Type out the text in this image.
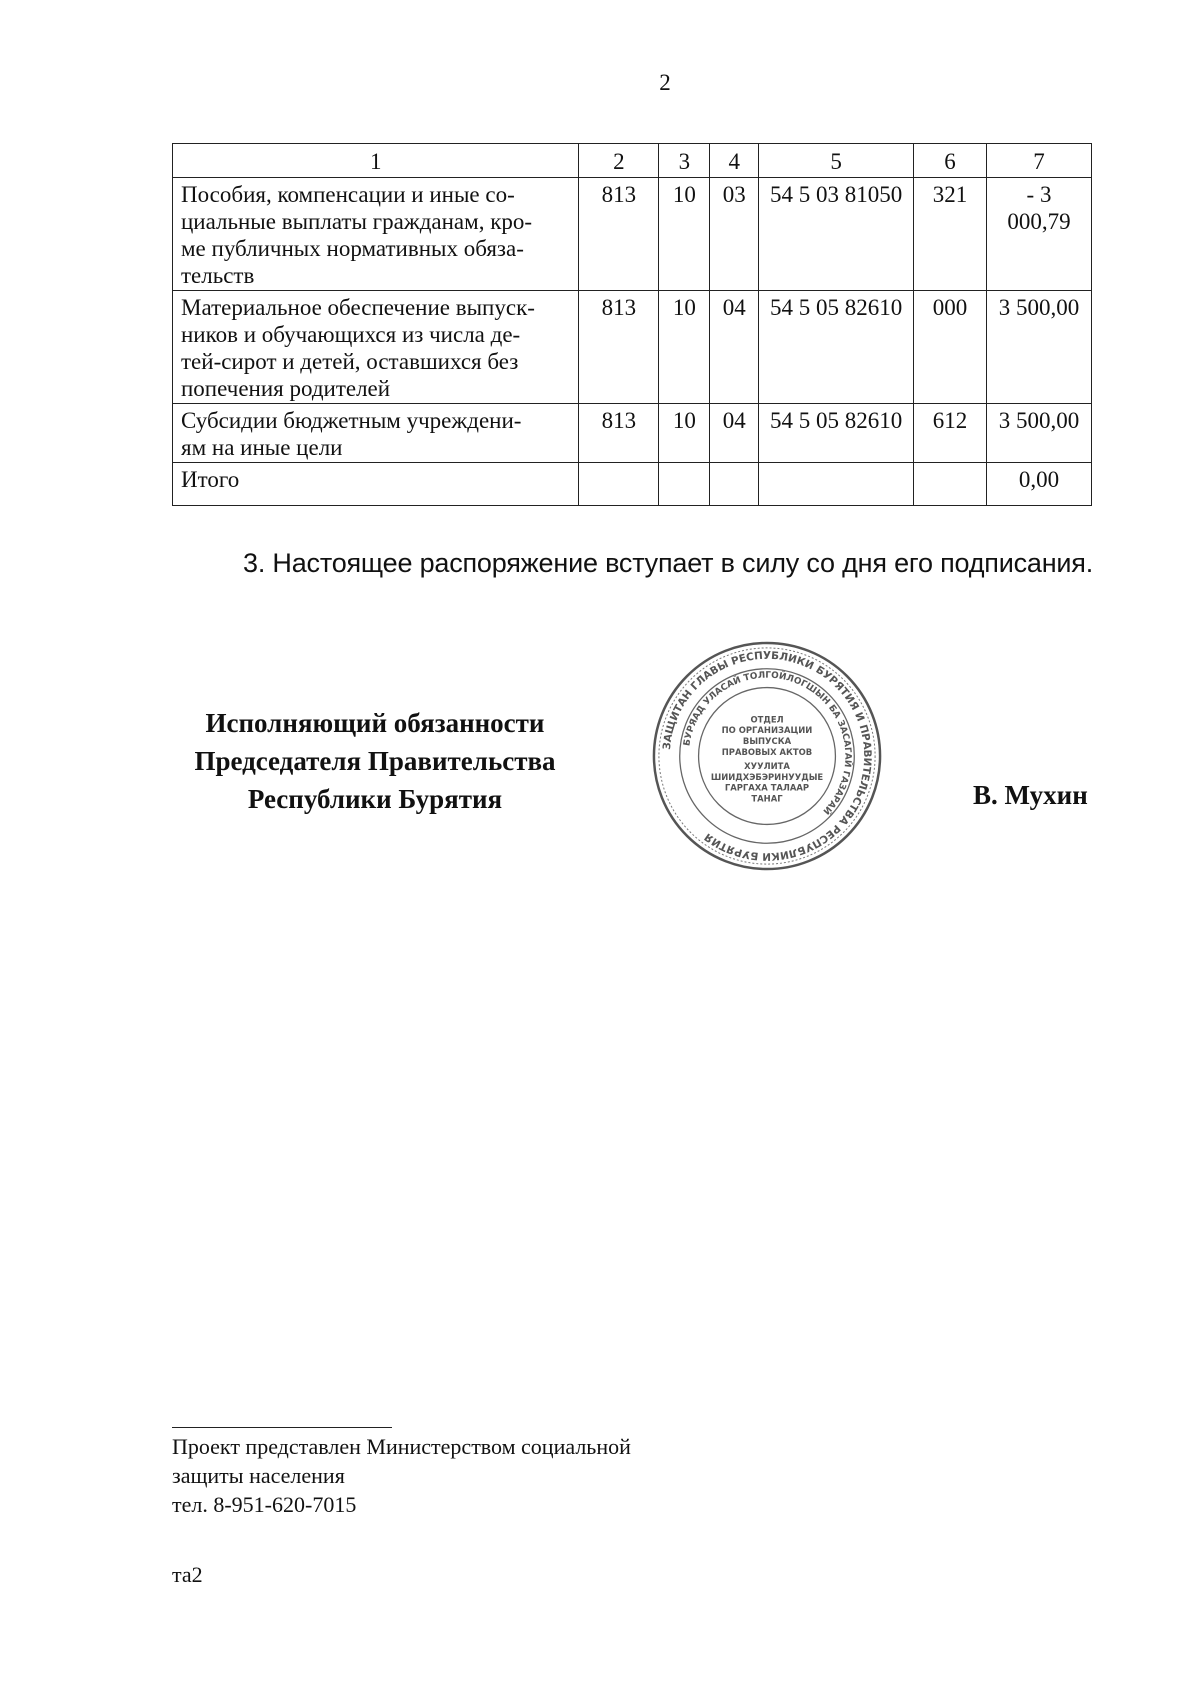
2
1	2	3	4	5	6	7

Пособия, компенсации и иные со-
циальные выплаты гражданам, кро-
ме публичных нормативных обяза-
тельств	813	10	03	54 5 03 81050	321	- 3 000,79

Материальное обеспечение выпуск-
ников и обучающихся из числа де-
тей-сирот и детей, оставшихся без
попечения родителей	813	10	04	54 5 05 82610	000	3 500,00

Субсидии бюджетным учреждени-
ям на иные цели	813	10	04	54 5 05 82610	612	3 500,00
Итого						0,00
3. Настоящее распоряжение вступает в силу со дня его подписания.
Исполняющий обязанности
Председателя Правительства
Республики Бурятия
ЗАЩИТАН ГЛАВЫ РЕСПУБЛИКИ БУРЯТИЯ И ПРАВИТЕЛЬСТВА РЕСПУБЛИКИ БУРЯТИЯ
БУРЯАД УЛАСАЙ ТОЛГОЙЛОГШЫН БА ЗАСАГАЙ ГАЗАРАЙ
ОТДЕЛ
ПО ОРГАНИЗАЦИИ
ВЫПУСКА
ПРАВОВЫХ АКТОВ
ХУУЛИТА
ШИИДХЭБЭРИНУУДЫЕ
ГАРГАХА ТАЛААР
ТАНАГ	В. Мухин
Проект представлен Министерством социальной
защиты населения
тел. 8-951-620-7015
та2
